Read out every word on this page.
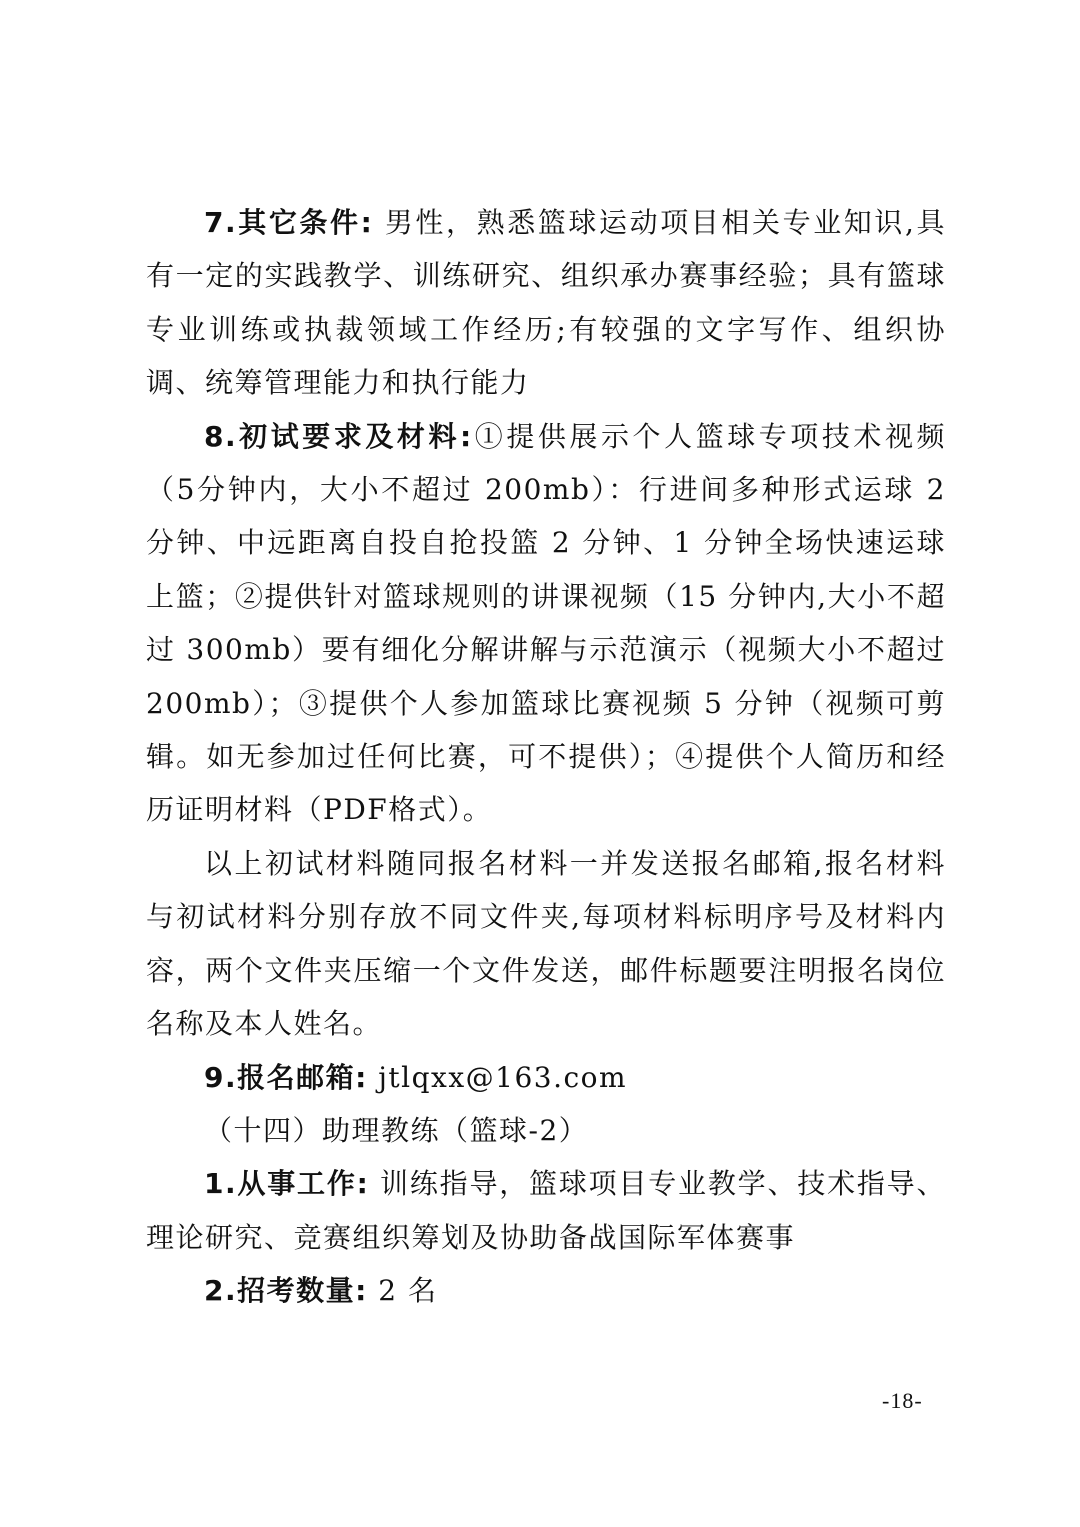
7.其它条件: 男性，熟悉篮球运动项目相关专业知识,具有一定的实践教学、训练研究、组织承办赛事经验；具有篮球专业训练或执裁领域工作经历;有较强的文字写作、组织协调、统筹管理能力和执行能力

8.初试要求及材料:①提供展示个人篮球专项技术视频（5分钟内，大小不超过 200mb）：行进间多种形式运球 2 分钟、中远距离自投自抢投篮 2 分钟、1 分钟全场快速运球上篮；②提供针对篮球规则的讲课视频（15 分钟内,大小不超过 300mb）要有细化分解讲解与示范演示（视频大小不超过 200mb）；③提供个人参加篮球比赛视频 5 分钟（视频可剪辑。如无参加过任何比赛，可不提供）；④提供个人简历和经历证明材料（PDF格式）。

以上初试材料随同报名材料一并发送报名邮箱,报名材料与初试材料分别存放不同文件夹,每项材料标明序号及材料内容，两个文件夹压缩一个文件发送，邮件标题要注明报名岗位名称及本人姓名。

9.报名邮箱: jtlqxx@163.com

（十四）助理教练（篮球-2）

1.从事工作: 训练指导，篮球项目专业教学、技术指导、理论研究、竞赛组织筹划及协助备战国际军体赛事

2.招考数量: 2 名

-18-
